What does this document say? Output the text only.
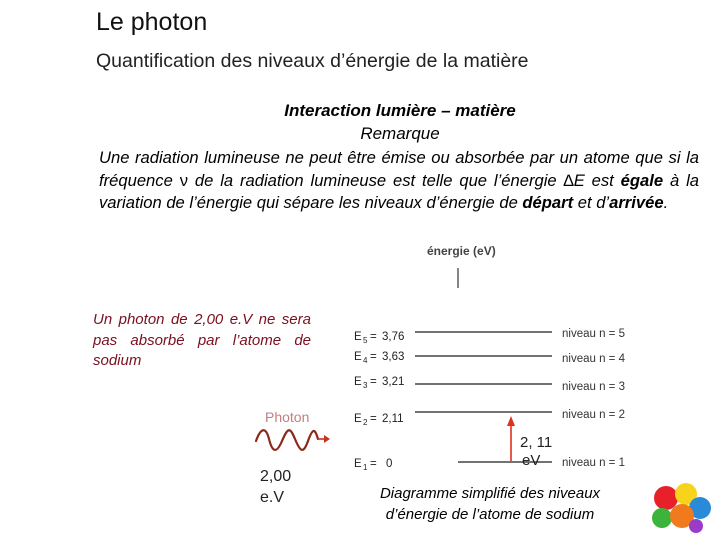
Le photon
Quantification des niveaux d’énergie de la matière
Interaction lumière – matière
Remarque
Une radiation lumineuse ne peut être émise ou absorbée par un atome que si la fréquence ν de la radiation lumineuse est telle que l’énergie ∆E est égale à la variation de l’énergie qui sépare les niveaux d’énergie de départ et d’arrivée.
Un photon de 2,00 e.V ne sera pas absorbé par l’atome de sodium
Photon
2,00
e.V
énergie (eV)
E 5 = 3,76	niveau n = 5
E 4 = 3,63	niveau n = 4
E 3 = 3,21	niveau n = 3
E 2 = 2,11	niveau n = 2
E 1 = 0	niveau n = 1
2, 11
eV
Diagramme simplifié des niveaux
d’énergie de l’atome de sodium
